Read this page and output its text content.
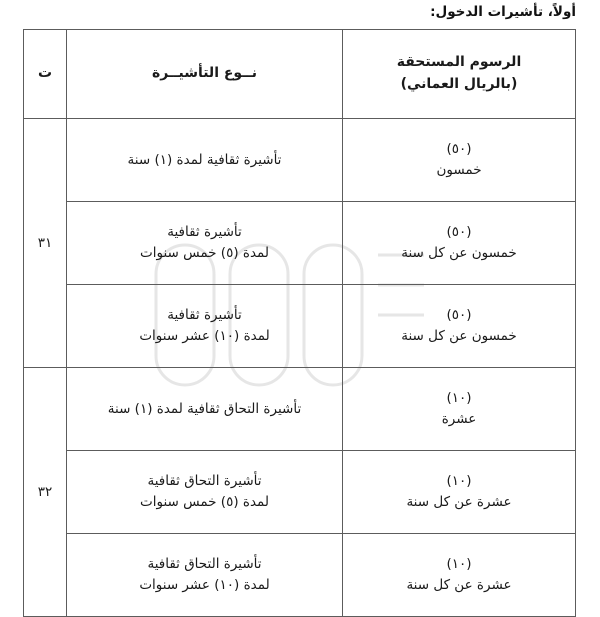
أولاً، تأشيرات الدخول:
الرسوم المستحقة
(بالريال العماني)	نــوع التأشيــرة	ت

(٥٠)
خمسون	تأشيرة ثقافية لمدة (١) سنة	٣١

(٥٠)
خمسون عن كل سنة	تأشيرة ثقافية
لمدة (٥) خمس سنوات	

(٥٠)
خمسون عن كل سنة	تأشيرة ثقافية
لمدة (١٠) عشر سنوات	

(١٠)
عشرة	تأشيرة التحاق ثقافية لمدة (١) سنة	٣٢

(١٠)
عشرة عن كل سنة	تأشيرة التحاق ثقافية
لمدة (٥) خمس سنوات	

(١٠)
عشرة عن كل سنة	تأشيرة التحاق ثقافية
لمدة (١٠) عشر سنوات	
